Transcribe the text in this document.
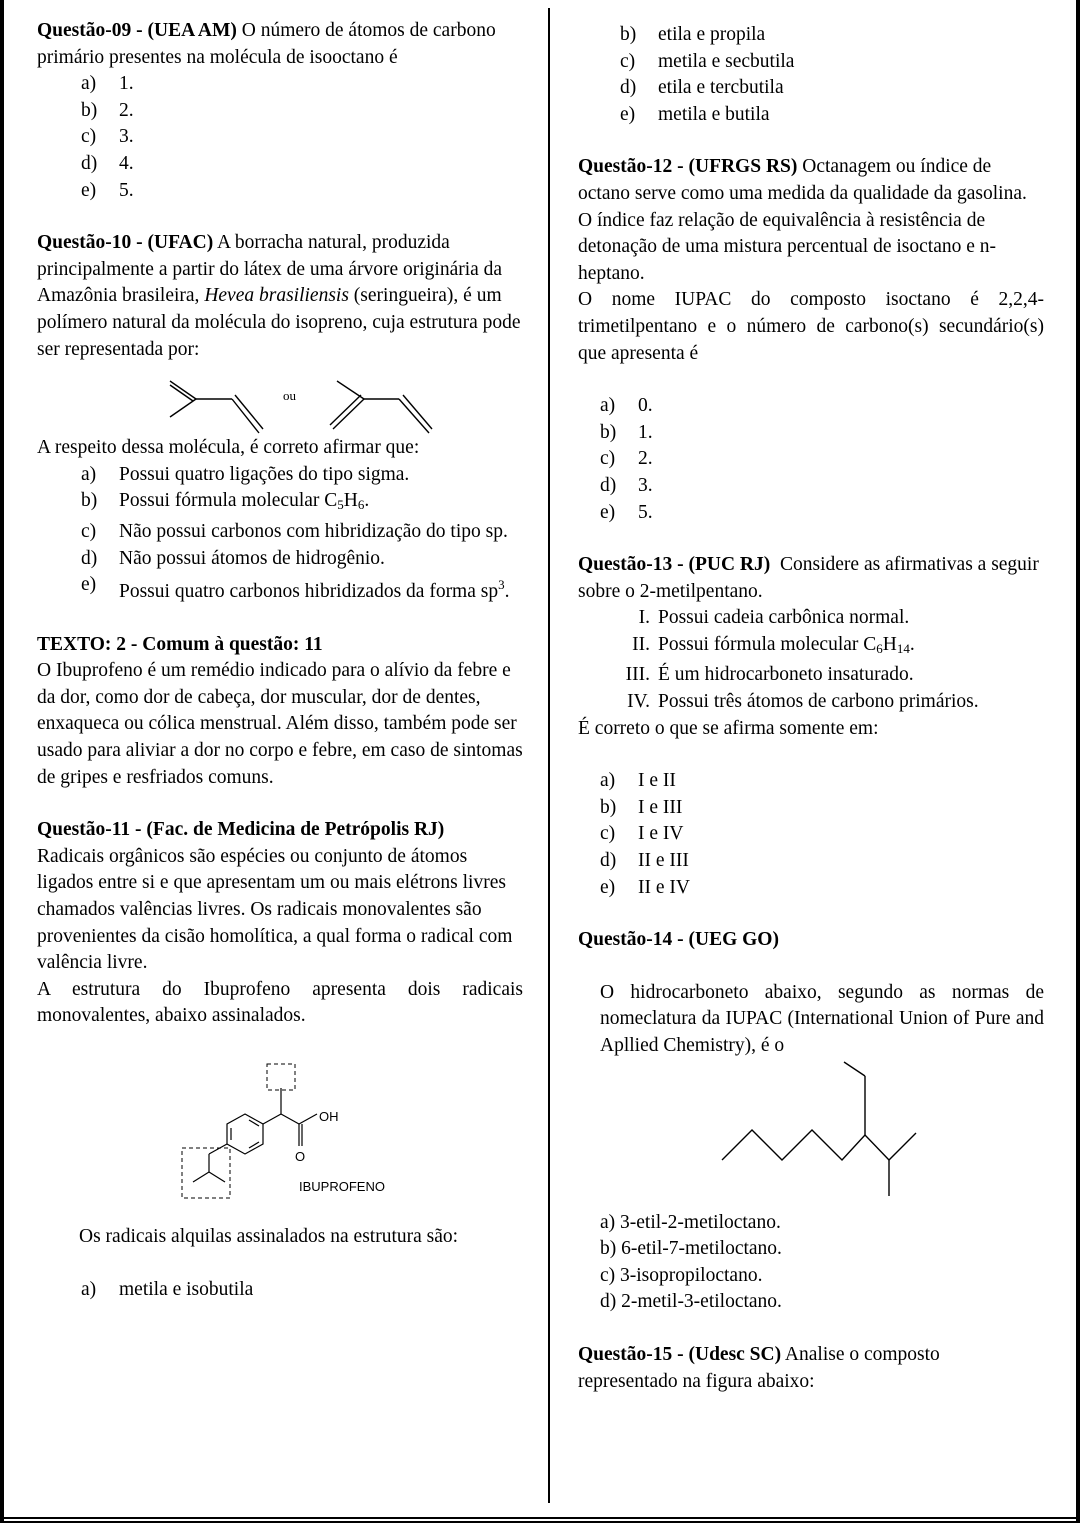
Questão-09 - (UEA AM) O número de átomos de carbono primário presentes na molécula de isooctano é

a)	1.
b)	2.
c)	3.
d)	4.
e)	5.

Questão-10 - (UFAC) A borracha natural, produzida principalmente a partir do látex de uma árvore originária da Amazônia brasileira, Hevea brasiliensis (seringueira), é um polímero natural da molécula do isopreno, cuja estrutura pode ser representada por:

ou

A respeito dessa molécula, é correto afirmar que:

a)	Possui quatro ligações do tipo sigma.
b)	Possui fórmula molecular $C_5H_6$.
c)	Não possui carbonos com hibridização do tipo sp.
d)	Não possui átomos de hidrogênio.
e)	Possui quatro carbonos hibridizados da forma $sp^3$.

TEXTO: 2 - Comum à questão: 11

O Ibuprofeno é um remédio indicado para o alívio da febre e da dor, como dor de cabeça, dor muscular, dor de dentes, enxaqueca ou cólica menstrual. Além disso, também pode ser usado para aliviar a dor no corpo e febre, em caso de sintomas de gripes e resfriados comuns.

Questão-11 - (Fac. de Medicina de Petrópolis RJ)

Radicais orgânicos são espécies ou conjunto de átomos ligados entre si e que apresentam um ou mais elétrons livres chamados valências livres. Os radicais monovalentes são provenientes da cisão homolítica, a qual forma o radical com valência livre.

A estrutura do Ibuprofeno apresenta dois radicais monovalentes, abaixo assinalados.

OH
O
IBUPROFENO

Os radicais alquilas assinalados na estrutura são:

a)	metila e isobutila
b)	etila e propila
c)	metila e secbutila
d)	etila e tercbutila
e)	metila e butila

Questão-12 - (UFRGS RS) Octanagem ou índice de octano serve como uma medida da qualidade da gasolina. O índice faz relação de equivalência à resistência de detonação de uma mistura percentual de isoctano e n-heptano.

O nome IUPAC do composto isoctano é 2,2,4-trimetilpentano e o número de carbono(s) secundário(s) que apresenta é

a)	0.
b)	1.
c)	2.
d)	3.
e)	5.

Questão-13 - (PUC RJ)  Considere as afirmativas a seguir sobre o 2-metilpentano.

I. Possui cadeia carbônica normal.
II. Possui fórmula molecular $C_6H_{14}$.
III. É um hidrocarboneto insaturado.
IV. Possui três átomos de carbono primários.

É correto o que se afirma somente em:

a)	I e II
b)	I e III
c)	I e IV
d)	II e III
e)	II e IV

Questão-14 - (UEG GO)

O hidrocarboneto abaixo, segundo as normas de nomeclatura da IUPAC (International Union of Pure and Apllied Chemistry), é o

a) 3-etil-2-metiloctano.
b) 6-etil-7-metiloctano.
c) 3-isopropiloctano.
d) 2-metil-3-etiloctano.

Questão-15 - (Udesc SC) Analise o composto representado na figura abaixo:
